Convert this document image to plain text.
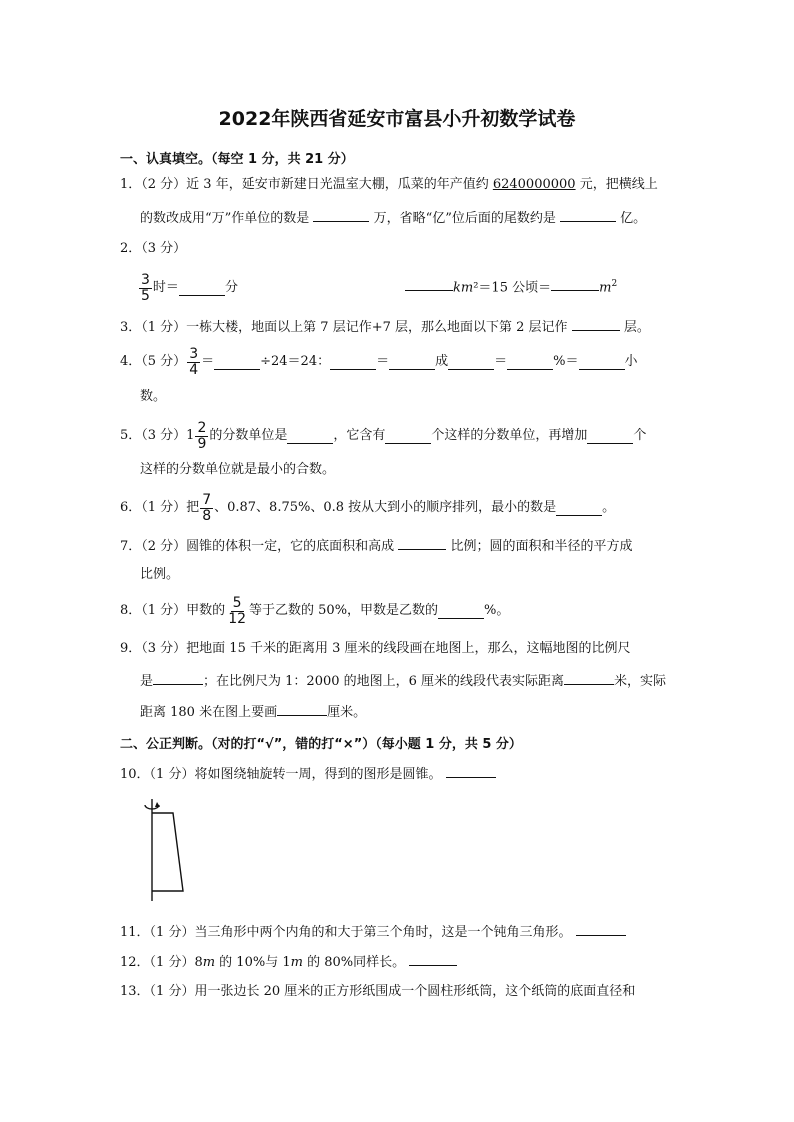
2022年陕西省延安市富县小升初数学试卷
一、认真填空。（每空 1 分，共 21 分）
1．（2 分）近 3 年，延安市新建日光温室大棚，瓜菜的年产值约 6240000000 元，把横线上
的数改成用“万”作单位的数是	万，省略“亿”位后面的尾数约是	亿。
2．（3 分）
$\frac{3}{5}$ 时＝	分	km²＝15 公顷＝	$m^2$
3．（1 分）一栋大楼，地面以上第 7 层记作+7 层，那么地面以下第 2 层记作	层。
4．（5 分） $\frac{3}{4}$ ＝	÷24＝24：	＝	成	＝	%＝	小
数。
5．（3 分）$1 \frac{2}{9}$ 的分数单位是	，它含有	个这样的分数单位，再增加	个
这样的分数单位就是最小的合数。
6．（1 分）把 $\frac{7}{8}$ 、0.87、8.75%、0.8 按从大到小的顺序排列，最小的数是	。
7．（2 分）圆锥的体积一定，它的底面积和高成	比例；圆的面积和半径的平方成
比例。
8．（1 分）甲数的 $\frac{5}{12}$ 等于乙数的 50%，甲数是乙数的	%。
9．（3 分）把地面 15 千米的距离用 3 厘米的线段画在地图上，那么，这幅地图的比例尺
是	；在比例尺为 1：2000 的地图上，6 厘米的线段代表实际距离	米，实际
距离 180 米在图上要画	厘米。
二、公正判断。（对的打“√”，错的打“×”）（每小题 1 分，共 5 分）
10．（1 分）将如图绕轴旋转一周，得到的图形是圆锥。
11．（1 分）当三角形中两个内角的和大于第三个角时，这是一个钝角三角形。
12．（1 分）8m 的 10%与 1m 的 80%同样长。
13．（1 分）用一张边长 20 厘米的正方形纸围成一个圆柱形纸筒，这个纸筒的底面直径和
